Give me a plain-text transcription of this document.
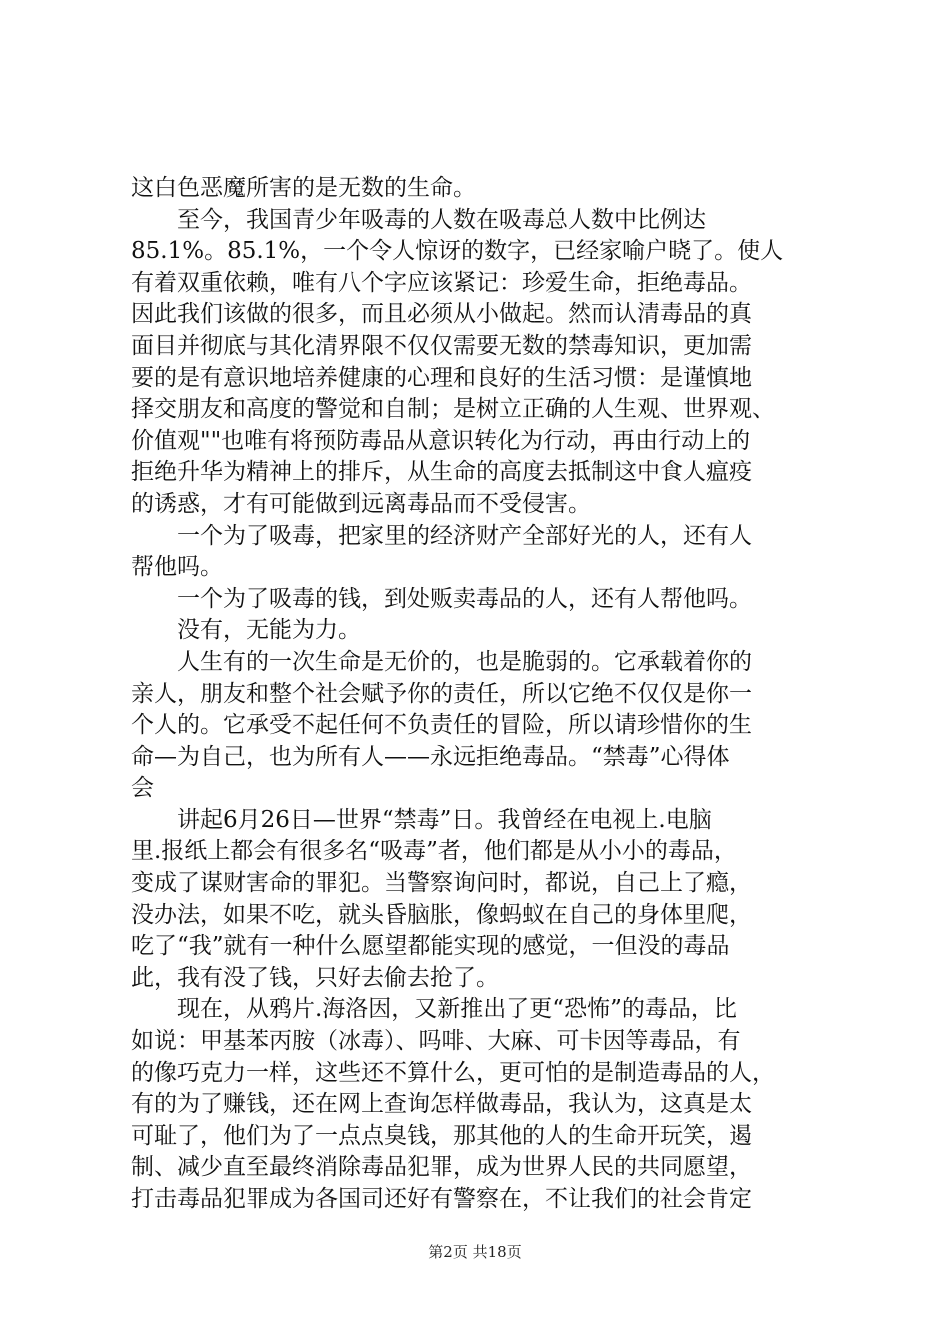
这白色恶魔所害的是无数的生命。
　　至今，我国青少年吸毒的人数在吸毒总人数中比例达
85.1%。85.1%，一个令人惊讶的数字，已经家喻户晓了。使人
有着双重依赖，唯有八个字应该紧记：珍爱生命，拒绝毒品。
因此我们该做的很多，而且必须从小做起。然而认清毒品的真
面目并彻底与其化清界限不仅仅需要无数的禁毒知识，更加需
要的是有意识地培养健康的心理和良好的生活习惯：是谨慎地
择交朋友和高度的警觉和自制；是树立正确的人生观、世界观、
价值观""也唯有将预防毒品从意识转化为行动，再由行动上的
拒绝升华为精神上的排斥，从生命的高度去抵制这中食人瘟疫
的诱惑，才有可能做到远离毒品而不受侵害。
　　一个为了吸毒，把家里的经济财产全部好光的人，还有人
帮他吗。
　　一个为了吸毒的钱，到处贩卖毒品的人，还有人帮他吗。
　　没有，无能为力。
　　人生有的一次生命是无价的，也是脆弱的。它承载着你的
亲人，朋友和整个社会赋予你的责任，所以它绝不仅仅是你一
个人的。它承受不起任何不负责任的冒险，所以请珍惜你的生
命—为自己，也为所有人——永远拒绝毒品。“禁毒”心得体
会
　　讲起6月26日—世界“禁毒”日。我曾经在电视上.电脑
里.报纸上都会有很多名“吸毒”者，他们都是从小小的毒品，
变成了谋财害命的罪犯。当警察询问时，都说，自己上了瘾，
没办法，如果不吃，就头昏脑胀，像蚂蚁在自己的身体里爬，
吃了“我”就有一种什么愿望都能实现的感觉，一但没的毒品
此，我有没了钱，只好去偷去抢了。
　　现在，从鸦片.海洛因，又新推出了更“恐怖”的毒品，比
如说：甲基苯丙胺（冰毒）、吗啡、大麻、可卡因等毒品，有
的像巧克力一样，这些还不算什么，更可怕的是制造毒品的人，
有的为了赚钱，还在网上查询怎样做毒品，我认为，这真是太
可耻了，他们为了一点点臭钱，那其他的人的生命开玩笑，遏
制、减少直至最终消除毒品犯罪，成为世界人民的共同愿望，
打击毒品犯罪成为各国司还好有警察在，不让我们的社会肯定
第2页 共18页
